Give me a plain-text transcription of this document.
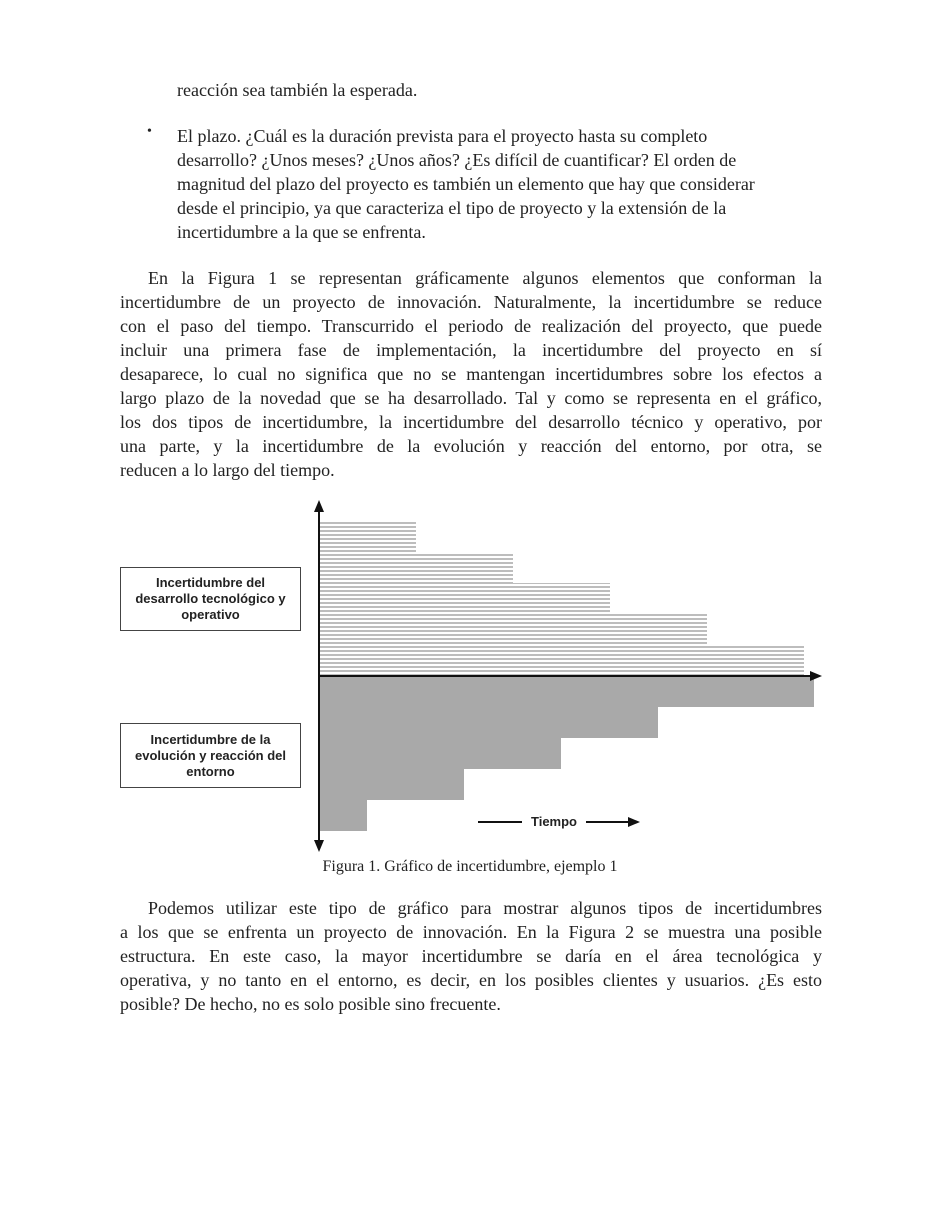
reacción sea también la esperada.
• El plazo. ¿Cuál es la duración prevista para el proyecto hasta su completo
desarrollo? ¿Unos meses? ¿Unos años? ¿Es difícil de cuantificar? El orden de
magnitud del plazo del proyecto es también un elemento que hay que considerar
desde el principio, ya que caracteriza el tipo de proyecto y la extensión de la
incertidumbre a la que se enfrenta.
En la Figura 1 se representan gráficamente algunos elementos que conforman la
incertidumbre de un proyecto de innovación. Naturalmente, la incertidumbre se reduce
con el paso del tiempo. Transcurrido el periodo de realización del proyecto, que puede
incluir una primera fase de implementación, la incertidumbre del proyecto en sí
desaparece, lo cual no significa que no se mantengan incertidumbres sobre los efectos a
largo plazo de la novedad que se ha desarrollado. Tal y como se representa en el gráfico,
los dos tipos de incertidumbre, la incertidumbre del desarrollo técnico y operativo, por
una parte, y la incertidumbre de la evolución y reacción del entorno, por otra, se
reducen a lo largo del tiempo.
Incertidumbre del
desarrollo tecnológico y
operativo
Incertidumbre de la
evolución y reacción del
entorno
Tiempo
Figura 1. Gráfico de incertidumbre, ejemplo 1
Podemos utilizar este tipo de gráfico para mostrar algunos tipos de incertidumbres
a los que se enfrenta un proyecto de innovación. En la Figura 2 se muestra una posible
estructura. En este caso, la mayor incertidumbre se daría en el área tecnológica y
operativa, y no tanto en el entorno, es decir, en los posibles clientes y usuarios. ¿Es esto
posible? De hecho, no es solo posible sino frecuente.
